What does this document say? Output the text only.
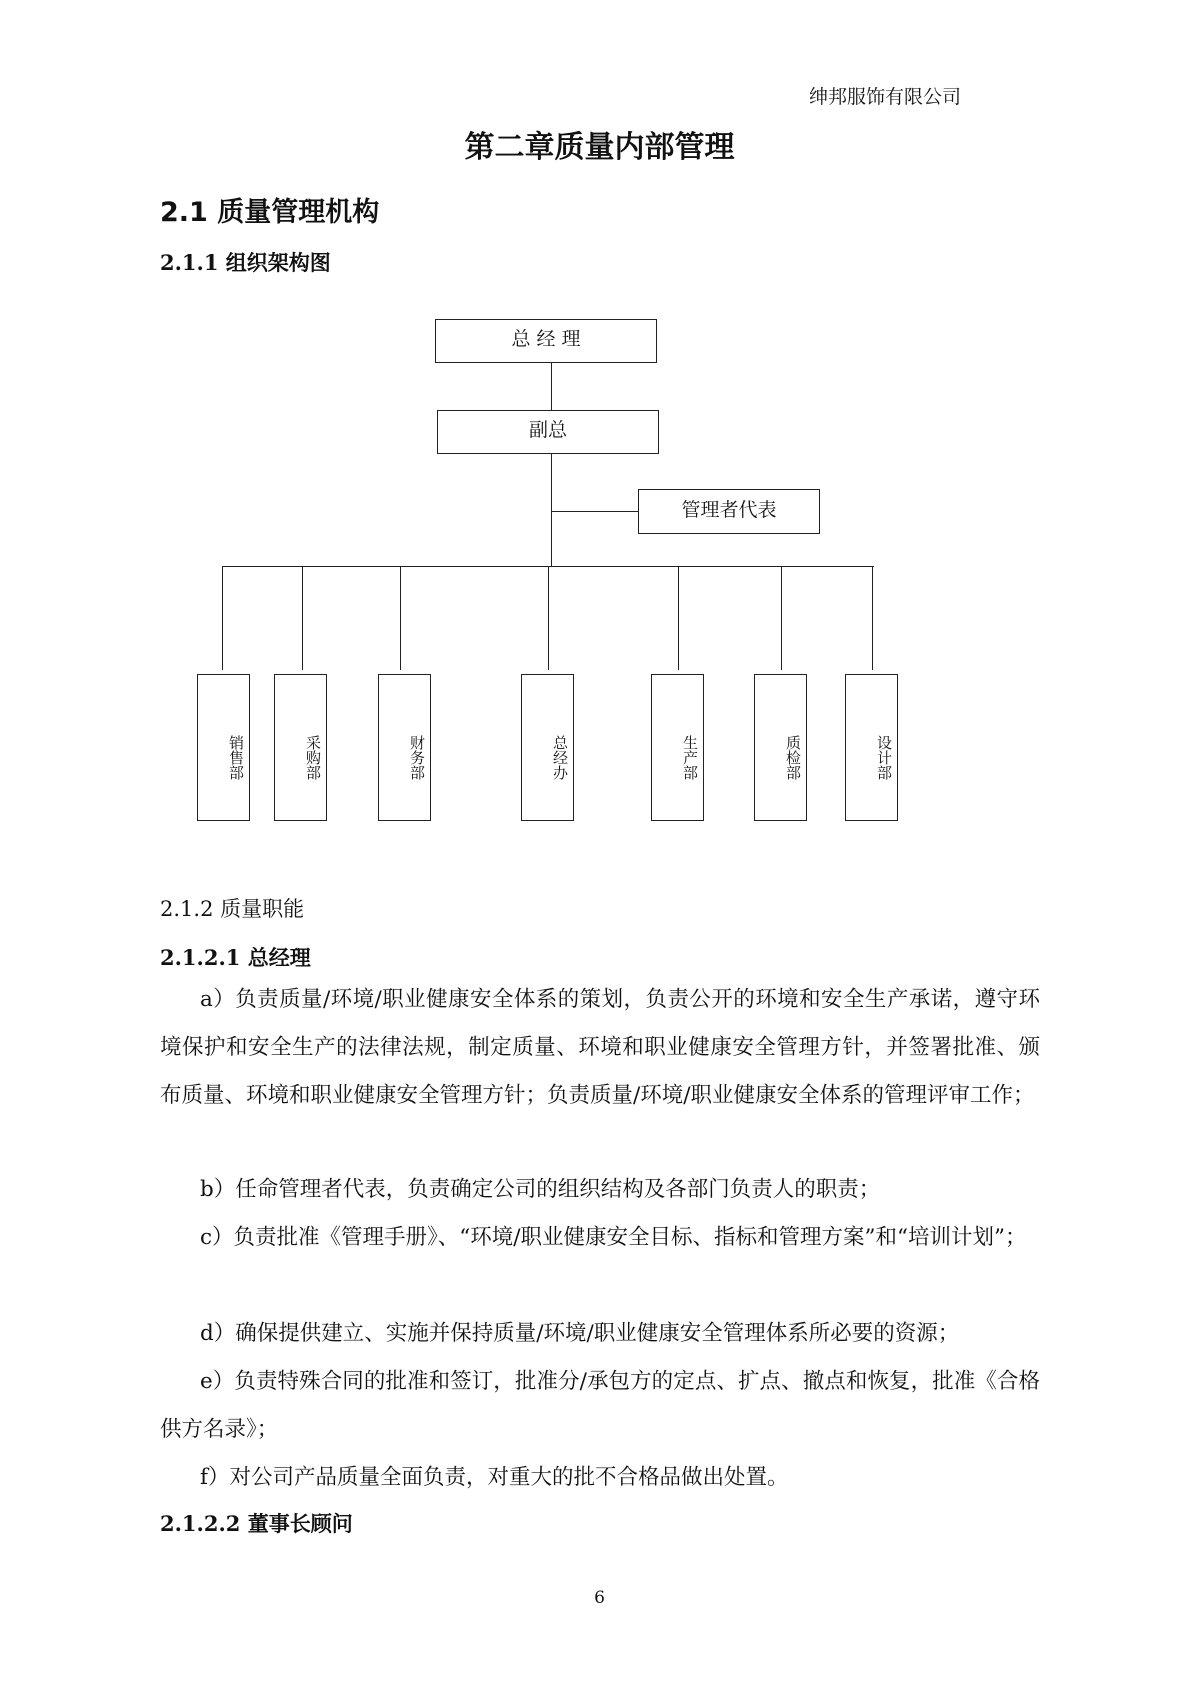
绅邦服饰有限公司
第二章质量内部管理
2.1 质量管理机构
2.1.1 组织架构图
总 经 理
副总
管理者代表
销售部	采购部	财务部	总经办	生产部	质检部	设计部
2.1.2 质量职能
2.1.2.1 总经理
a）负责质量/环境/职业健康安全体系的策划，负责公开的环境和安全生产承诺，遵守环境保护和安全生产的法律法规，制定质量、环境和职业健康安全管理方针，并签署批准、颁布质量、环境和职业健康安全管理方针；负责质量/环境/职业健康安全体系的管理评审工作；
b）任命管理者代表，负责确定公司的组织结构及各部门负责人的职责；
c）负责批准《管理手册》、“环境/职业健康安全目标、指标和管理方案”和“培训计划”；
d）确保提供建立、实施并保持质量/环境/职业健康安全管理体系所必要的资源；
e）负责特殊合同的批准和签订，批准分/承包方的定点、扩点、撤点和恢复，批准《合格供方名录》；
f）对公司产品质量全面负责，对重大的批不合格品做出处置。
2.1.2.2 董事长顾问
6
